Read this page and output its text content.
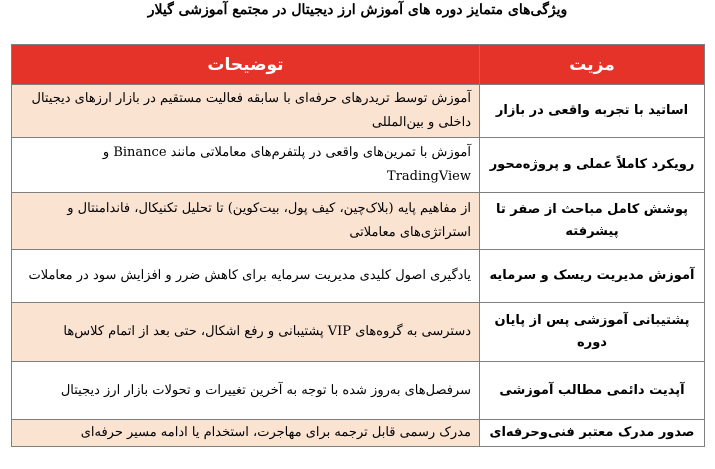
ویژگی‌های متمایز دوره های آموزش ارز دیجیتال در مجتمع آموزشی گیلار
مزیت	توضیحات
اساتید با تجربه واقعی در بازار	آموزش توسط تریدرهای حرفه‌ای با سابقه فعالیت مستقیم در بازار ارزهای دیجیتال داخلی و بین‌المللی
رویکرد کاملاً عملی و پروژه‌محور	آموزش با تمرین‌های واقعی در پلتفرم‌های معاملاتی مانند Binance و TradingView
پوشش کامل مباحث از صفر تا پیشرفته	از مفاهیم پایه (بلاک‌چین، کیف پول، بیت‌کوین) تا تحلیل تکنیکال، فاندامنتال و استراتژی‌های معاملاتی
آموزش مدیریت ریسک و سرمایه	یادگیری اصول کلیدی مدیریت سرمایه برای کاهش ضرر و افزایش سود در معاملات
پشتیبانی آموزشی پس از پایان دوره	دسترسی به گروه‌های VIP پشتیبانی و رفع اشکال، حتی بعد از اتمام کلاس‌ها
آپدیت دائمی مطالب آموزشی	سرفصل‌های به‌روز شده با توجه به آخرین تغییرات و تحولات بازار ارز دیجیتال
صدور مدرک معتبر فنی‌وحرفه‌ای	مدرک رسمی قابل ترجمه برای مهاجرت، استخدام یا ادامه مسیر حرفه‌ای
